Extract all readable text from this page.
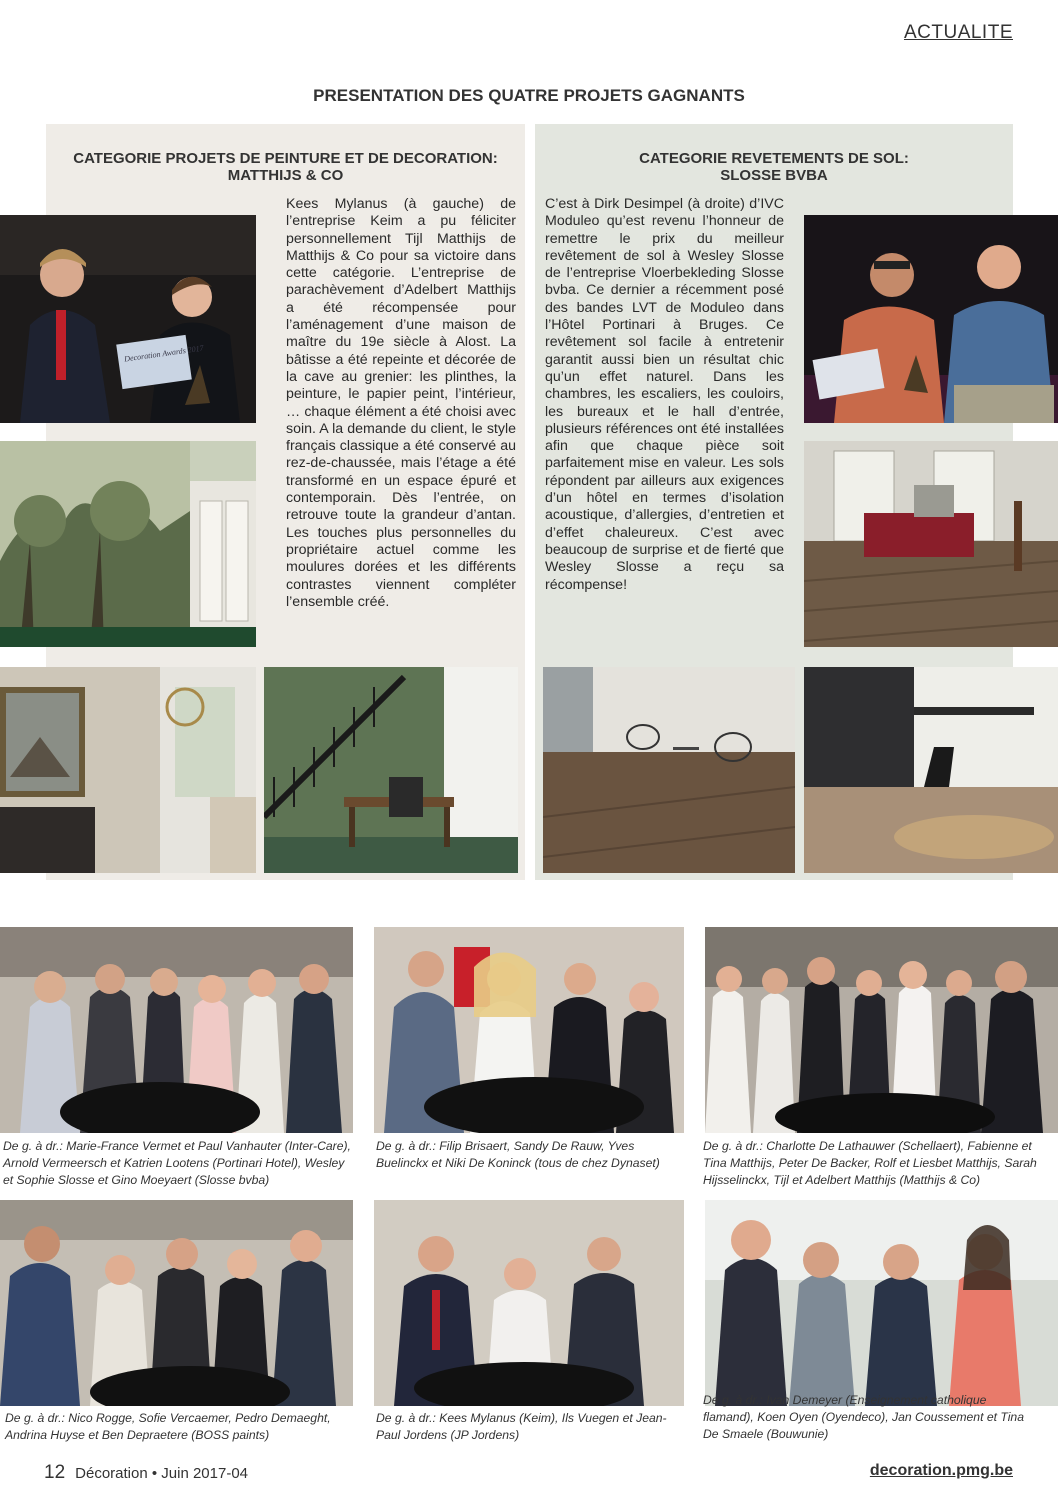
ACTUALITE
PRESENTATION DES QUATRE PROJETS GAGNANTS
CATEGORIE PROJETS DE PEINTURE ET DE DECORATION:
MATTHIJS & CO
CATEGORIE REVETEMENTS DE SOL:
SLOSSE BVBA
Kees Mylanus (à gauche) de l’entreprise Keim a pu féliciter personnellement Tijl Matthijs de Matthijs & Co pour sa victoire dans cette catégorie. L’entreprise de parachèvement d’Adelbert Matthijs a été récompensée pour l’aménagement d’une maison de maître du 19e siècle à Alost. La bâtisse a été repeinte et décorée de la cave au grenier: les plinthes, la peinture, le papier peint, l’intérieur, … chaque élément a été choisi avec soin. A la demande du client, le style français classique a été conservé au rez-de-chaussée, mais l’étage a été transformé en un espace épuré et contemporain. Dès l’entrée, on retrouve toute la grandeur d’antan. Les touches plus personnelles du propriétaire actuel comme les moulures dorées et les différents contrastes viennent compléter l’ensemble créé.
C’est à Dirk Desimpel (à droite) d’IVC Moduleo qu’est revenu l’honneur de remettre le prix du meilleur revêtement de sol à Wesley Slosse de l’entreprise Vloerbekleding Slosse bvba. Ce dernier a récemment posé des bandes LVT de Moduleo dans l’Hôtel Portinari à Bruges. Ce revêtement sol facile à entretenir garantit aussi bien un résultat chic qu’un effet naturel. Dans les chambres, les escaliers, les couloirs, les bureaux et le hall d’entrée, plusieurs références ont été installées afin que chaque pièce soit parfaitement mise en valeur. Les sols répondent par ailleurs aux exigences d’un hôtel en termes d’isolation acoustique, d’allergies, d’entretien et d’effet chaleureux. C’est avec beaucoup de surprise et de fierté que Wesley Slosse a reçu sa récompense!
Decoration Awards 2017
De g. à dr.: Marie-France Vermet et Paul Vanhauter (Inter-Care), Arnold Vermeersch et Katrien Lootens (Portinari Hotel), Wesley et Sophie Slosse et Gino Moeyaert (Slosse bvba)
De g. à dr.: Filip Brisaert, Sandy De Rauw, Yves Buelinckx et Niki De Koninck (tous de chez Dynaset)
De g. à dr.: Charlotte De Lathauwer (Schellaert), Fabienne et Tina Matthijs, Peter De Backer, Rolf et Liesbet Matthijs, Sarah Hijsselinckx, Tijl et Adelbert Matthijs (Matthijs & Co)
De g. à dr.: Nico Rogge, Sofie Vercaemer, Pedro Demaeght, Andrina Huyse et Ben Depraetere (BOSS paints)
De g. à dr.: Kees Mylanus (Keim), Ils Vuegen et Jean-Paul Jordens (JP Jordens)
De g. à dr.: Ivan Demeyer (Enseignement catholique flamand), Koen Oyen (Oyendeco), Jan Coussement et Tina De Smaele (Bouwunie)
12 Décoration • Juin 2017-04	decoration.pmg.be
